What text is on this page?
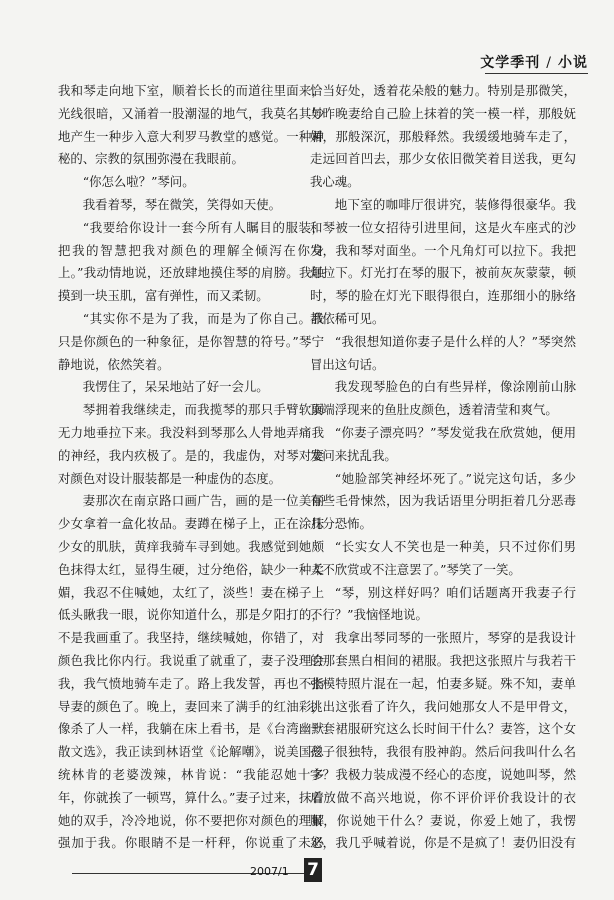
文学季刊 / 小说

我和琴走向地下室，顺着长长的而道往里面来，光线很暗，又涌着一股潮湿的地气，我莫名其妙地产生一种步入意大利罗马教堂的感觉。一种神秘的、宗教的氛围弥漫在我眼前。

“你怎么啦？”琴问。

我看着琴，琴在微笑，笑得如天使。

“我要给你设计一套今所有人瞩目的服装，把我的智慧把我对颜色的理解全倾泻在你身上。”我动情地说，还放肆地摸住琴的肩膀。我触摸到一块玉肌，富有弹性，而又柔韧。

“其实你不是为了我，而是为了你自己。我只是你颜色的一种象征，是你智慧的符号。”琴宁静地说，依然笑着。

我愣住了，呆呆地站了好一会儿。

琴拥着我继续走，而我揽琴的那只手臂软弱无力地垂拉下来。我没料到琴那么人骨地弄痛我的神经，我内疚极了。是的，我虚伪，对琴对妻对颜色对设计服装都是一种虚伪的态度。

妻那次在南京路口画广告，画的是一位美丽少女拿着一盒化妆品。妻蹲在梯子上，正在涂抹少女的肌肤，黄痒我骑车寻到她。我感觉到她颇色抹得太红，显得生硬，过分绝俗，缺少一种柔媚，我忍不住喊她，太红了，淡些！妻在梯子上低头瞅我一眼，说你知道什么，那是夕阳打的，不是我画重了。我坚持，继续喊她，你错了，对颜色我比你内行。我说重了就重了，妻子没理会我，我气愤地骑车走了。路上我发誓，再也不指导妻的颜色了。晚上，妻回来了满手的红油彩，像杀了人一样，我躺在床上看书，是《台湾幽默散文选》，我正读到林语堂《论解嘲》，说美国总统林肯的老婆泼辣，林肯说：“我能忍她十多年，你就挨了一顿骂，算什么。”妻子过来，抹着她的双手，冷冷地说，你不要把你对颜色的理解强加于我。你眼睛不是一杆秤，你说重了未必

恰当好处，透着花朵般的魅力。特别是那微笑，与昨晚妻给自己脸上抹着的笑一模一样，那般妩媚，那般深沉，那般释然。我缓缓地骑车走了，走远回首凹去，那少女依旧微笑着目送我，更勾我心魂。

地下室的咖啡厅很讲究，装修得很豪华。我和琴被一位女招待引进里间，这是火车座式的沙发，我和琴对面坐。一个凡角灯可以拉下。我把灯拉下。灯光打在琴的服下，被前灰灰蒙蒙，顿时，琴的脸在灯光下眼得很白，连那细小的脉络都依稀可见。

“我很想知道你妻子是什么样的人？”琴突然冒出这句话。

我发现琴脸色的白有些异样，像涂刚前山脉顶端浮现来的鱼肚皮颜色，透着清莹和爽气。

“你妻子漂亮吗？”琴发觉我在欣赏她，便用发问来扰乱我。

“她脸部笑神经坏死了。”说完这句话，多少有些毛骨悚然，因为我话语里分明拒着几分恶毒几分恐怖。

“长实女人不笑也是一种美，只不过你们男人不欣赏或不注意罢了。”琴笑了一笑。

“琴，别这样好吗？咱们话题离开我妻子行不行？”我恼怪地说。

我拿出琴同琴的一张照片，琴穿的是我设计的那套黑白相间的裙服。我把这张照片与我若干张模特照片混在一起，怕妻多疑。殊不知，妻单挑出这张看了许久，我问她那女人不是甲骨文，一套裙服研究这么长时间干什么？妻答，这个女孩子很独特，我很有股神韵。然后问我叫什么名字？我极力装成漫不经心的态度，说她叫琴，然后放做不高兴地说，你不评价评价我设计的衣服，你说她干什么？妻说，你爱上她了，我愣怒，我几乎喊着说，你是不是疯了！妻仍旧没有

2007/1 7
